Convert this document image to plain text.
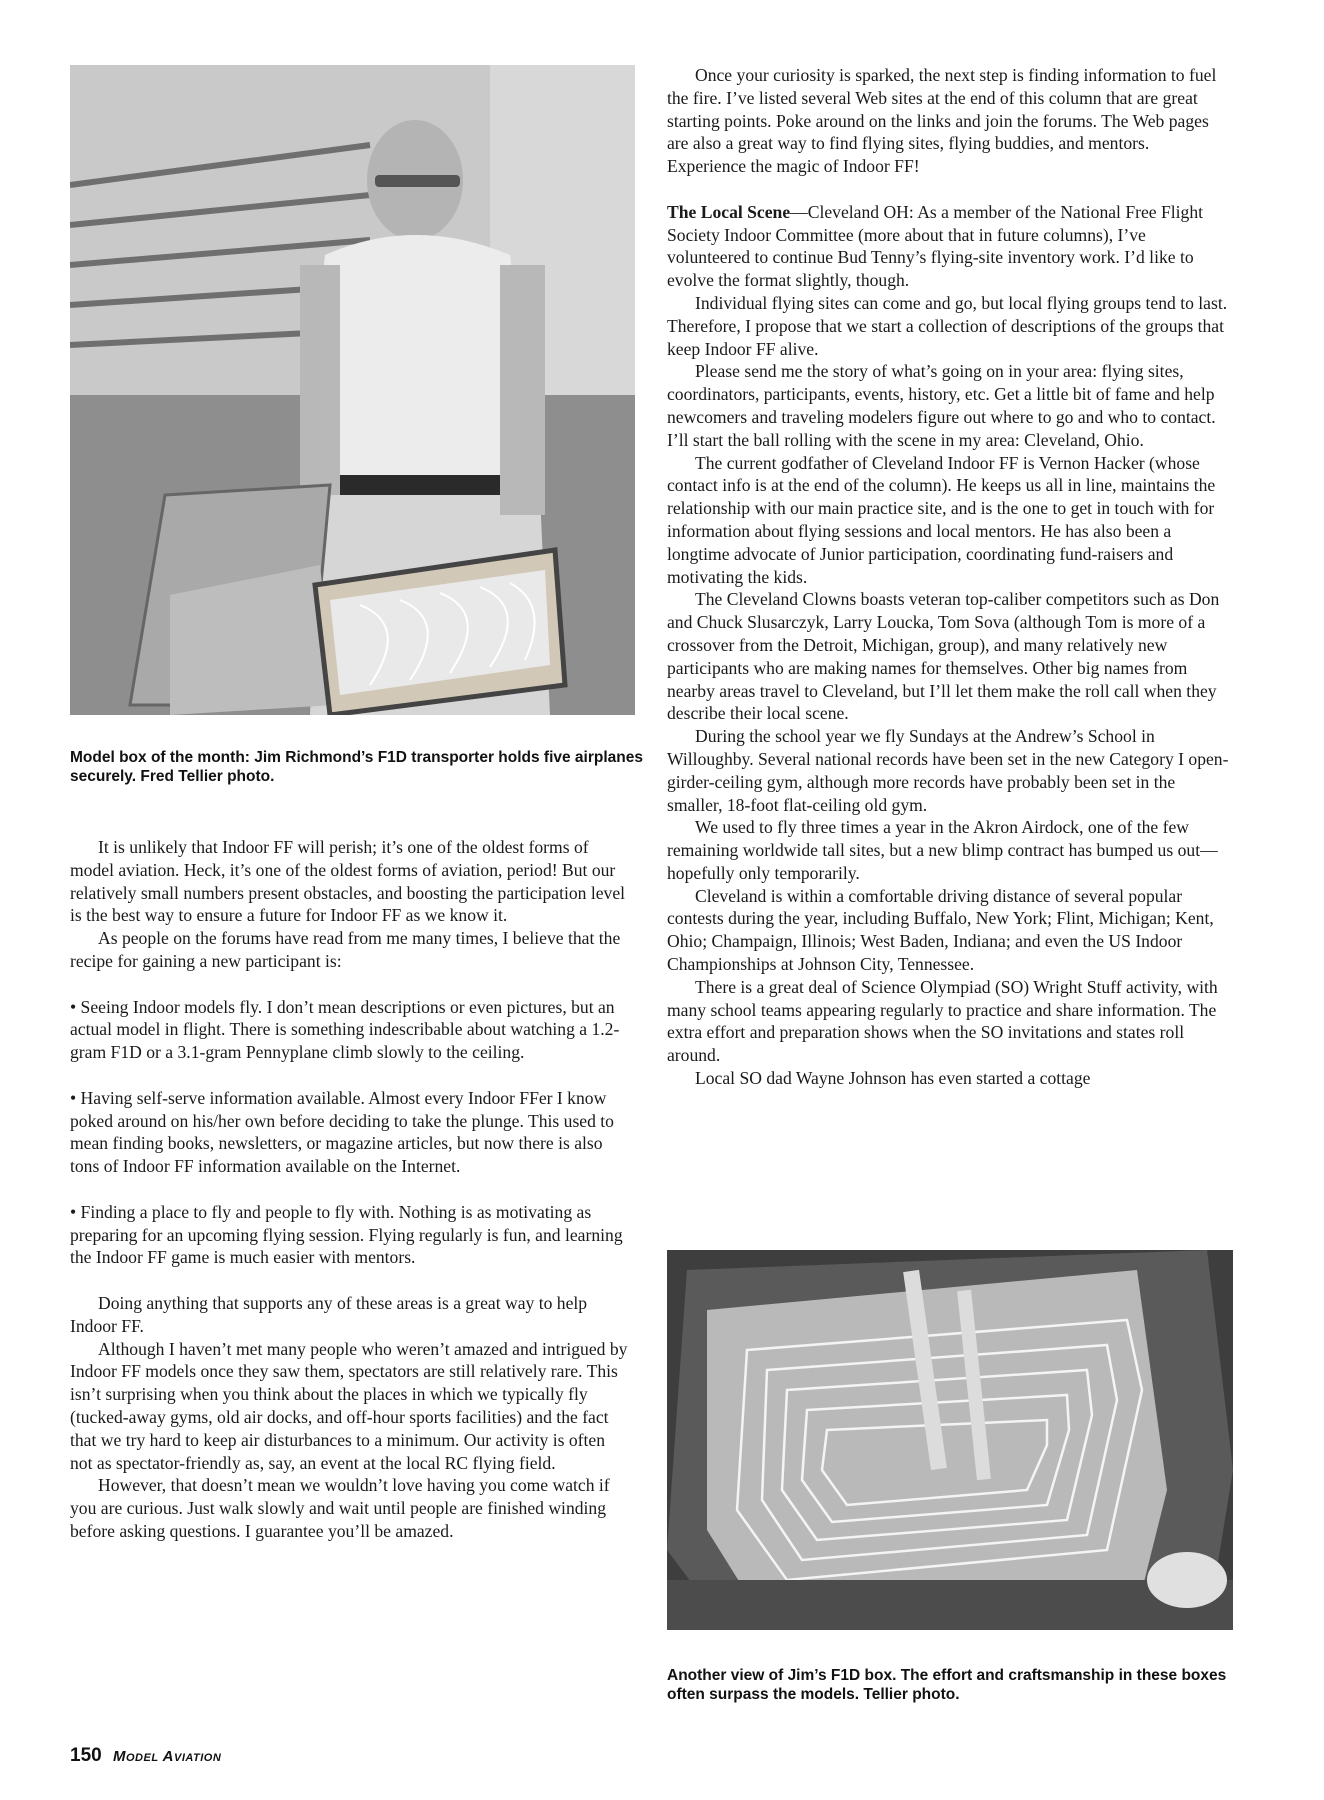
Model box of the month: Jim Richmond’s F1D transporter holds five airplanes securely. Fred Tellier photo.

It is unlikely that Indoor FF will perish; it’s one of the oldest forms of model aviation. Heck, it’s one of the oldest forms of aviation, period! But our relatively small numbers present obstacles, and boosting the participation level is the best way to ensure a future for Indoor FF as we know it.

As people on the forums have read from me many times, I believe that the recipe for gaining a new participant is:

• Seeing Indoor models fly. I don’t mean descriptions or even pictures, but an actual model in flight. There is something indescribable about watching a 1.2-gram F1D or a 3.1-gram Pennyplane climb slowly to the ceiling.

• Having self-serve information available. Almost every Indoor FFer I know poked around on his/her own before deciding to take the plunge. This used to mean finding books, newsletters, or magazine articles, but now there is also tons of Indoor FF information available on the Internet.

• Finding a place to fly and people to fly with. Nothing is as motivating as preparing for an upcoming flying session. Flying regularly is fun, and learning the Indoor FF game is much easier with mentors.

Doing anything that supports any of these areas is a great way to help Indoor FF.

Although I haven’t met many people who weren’t amazed and intrigued by Indoor FF models once they saw them, spectators are still relatively rare. This isn’t surprising when you think about the places in which we typically fly (tucked-away gyms, old air docks, and off-hour sports facilities) and the fact that we try hard to keep air disturbances to a minimum. Our activity is often not as spectator-friendly as, say, an event at the local RC flying field.

However, that doesn’t mean we wouldn’t love having you come watch if you are curious. Just walk slowly and wait until people are finished winding before asking questions. I guarantee you’ll be amazed.

Once your curiosity is sparked, the next step is finding information to fuel the fire. I’ve listed several Web sites at the end of this column that are great starting points. Poke around on the links and join the forums. The Web pages are also a great way to find flying sites, flying buddies, and mentors. Experience the magic of Indoor FF!

The Local Scene—Cleveland OH: As a member of the National Free Flight Society Indoor Committee (more about that in future columns), I’ve volunteered to continue Bud Tenny’s flying-site inventory work. I’d like to evolve the format slightly, though.

Individual flying sites can come and go, but local flying groups tend to last. Therefore, I propose that we start a collection of descriptions of the groups that keep Indoor FF alive.

Please send me the story of what’s going on in your area: flying sites, coordinators, participants, events, history, etc. Get a little bit of fame and help newcomers and traveling modelers figure out where to go and who to contact. I’ll start the ball rolling with the scene in my area: Cleveland, Ohio.

The current godfather of Cleveland Indoor FF is Vernon Hacker (whose contact info is at the end of the column). He keeps us all in line, maintains the relationship with our main practice site, and is the one to get in touch with for information about flying sessions and local mentors. He has also been a longtime advocate of Junior participation, coordinating fund-raisers and motivating the kids.

The Cleveland Clowns boasts veteran top-caliber competitors such as Don and Chuck Slusarczyk, Larry Loucka, Tom Sova (although Tom is more of a crossover from the Detroit, Michigan, group), and many relatively new participants who are making names for themselves. Other big names from nearby areas travel to Cleveland, but I’ll let them make the roll call when they describe their local scene.

During the school year we fly Sundays at the Andrew’s School in Willoughby. Several national records have been set in the new Category I open-girder-ceiling gym, although more records have probably been set in the smaller, 18-foot flat-ceiling old gym.

We used to fly three times a year in the Akron Airdock, one of the few remaining worldwide tall sites, but a new blimp contract has bumped us out—hopefully only temporarily.

Cleveland is within a comfortable driving distance of several popular contests during the year, including Buffalo, New York; Flint, Michigan; Kent, Ohio; Champaign, Illinois; West Baden, Indiana; and even the US Indoor Championships at Johnson City, Tennessee.

There is a great deal of Science Olympiad (SO) Wright Stuff activity, with many school teams appearing regularly to practice and share information. The extra effort and preparation shows when the SO invitations and states roll around.

Local SO dad Wayne Johnson has even started a cottage

Another view of Jim’s F1D box. The effort and craftsmanship in these boxes often surpass the models. Tellier photo.
150 Model Aviation
